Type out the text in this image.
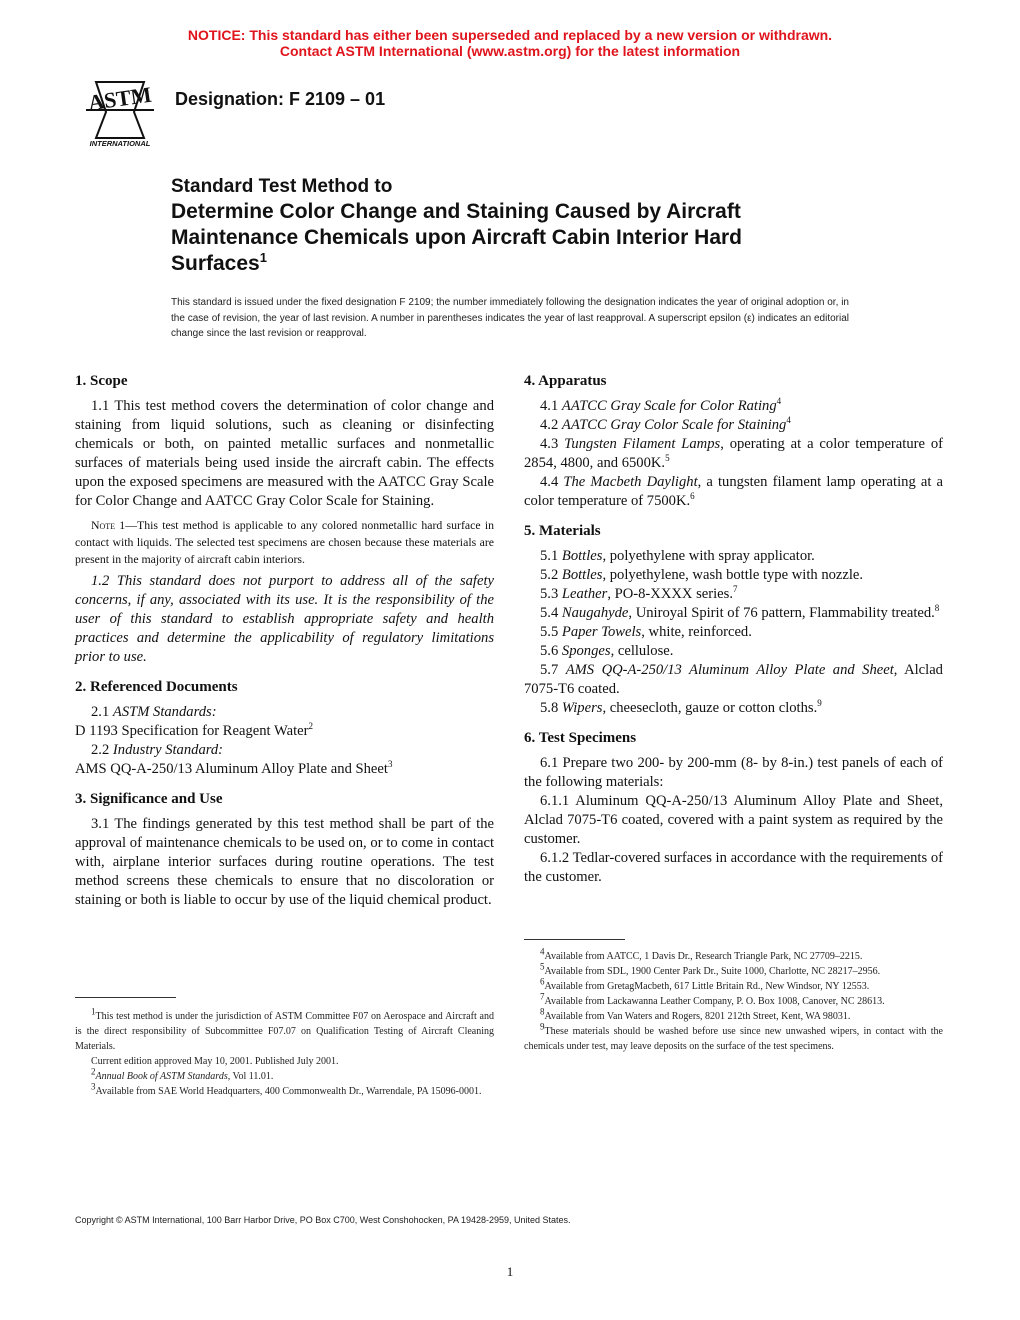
NOTICE: This standard has either been superseded and replaced by a new version or withdrawn.
Contact ASTM International (www.astm.org) for the latest information
ASTM
INTERNATIONAL
Designation: F 2109 – 01
Standard Test Method to
Determine Color Change and Staining Caused by Aircraft
Maintenance Chemicals upon Aircraft Cabin Interior Hard
Surfaces$^1$
This standard is issued under the fixed designation F 2109; the number immediately following the designation indicates the year of original adoption or, in the case of revision, the year of last revision. A number in parentheses indicates the year of last reapproval. A superscript epsilon (ε) indicates an editorial change since the last revision or reapproval.
1. Scope

1.1 This test method covers the determination of color change and staining from liquid solutions, such as cleaning or disinfecting chemicals or both, on painted metallic surfaces and nonmetallic surfaces of materials being used inside the aircraft cabin. The effects upon the exposed specimens are measured with the AATCC Gray Scale for Color Change and AATCC Gray Color Scale for Staining.

Note 1—This test method is applicable to any colored nonmetallic hard surface in contact with liquids. The selected test specimens are chosen because these materials are present in the majority of aircraft cabin interiors.

1.2 This standard does not purport to address all of the safety concerns, if any, associated with its use. It is the responsibility of the user of this standard to establish appropriate safety and health practices and determine the applicability of regulatory limitations prior to use.

2. Referenced Documents

2.1 ASTM Standards:

D 1193 Specification for Reagent Water$^2$

2.2 Industry Standard:

AMS QQ-A-250/13 Aluminum Alloy Plate and Sheet$^3$

3. Significance and Use

3.1 The findings generated by this test method shall be part of the approval of maintenance chemicals to be used on, or to come in contact with, airplane interior surfaces during routine operations. The test method screens these chemicals to ensure that no discoloration or staining or both is liable to occur by use of the liquid chemical product.

$^1$This test method is under the jurisdiction of ASTM Committee F07 on Aerospace and Aircraft and is the direct responsibility of Subcommittee F07.07 on Qualification Testing of Aircraft Cleaning Materials.

Current edition approved May 10, 2001. Published July 2001.

$^2$Annual Book of ASTM Standards, Vol 11.01.

$^3$Available from SAE World Headquarters, 400 Commonwealth Dr., Warrendale, PA 15096-0001.

4. Apparatus

4.1 AATCC Gray Scale for Color Rating$^4$

4.2 AATCC Gray Color Scale for Staining$^4$

4.3 Tungsten Filament Lamps, operating at a color temperature of 2854, 4800, and 6500K.$^5$

4.4 The Macbeth Daylight, a tungsten filament lamp operating at a color temperature of 7500K.$^6$

5. Materials

5.1 Bottles, polyethylene with spray applicator.

5.2 Bottles, polyethylene, wash bottle type with nozzle.

5.3 Leather, PO-8-XXXX series.$^7$

5.4 Naugahyde, Uniroyal Spirit of 76 pattern, Flammability treated.$^8$

5.5 Paper Towels, white, reinforced.

5.6 Sponges, cellulose.

5.7 AMS QQ-A-250/13 Aluminum Alloy Plate and Sheet, Alclad 7075-T6 coated.

5.8 Wipers, cheesecloth, gauze or cotton cloths.$^9$

6. Test Specimens

6.1 Prepare two 200- by 200-mm (8- by 8-in.) test panels of each of the following materials:

6.1.1 Aluminum QQ-A-250/13 Aluminum Alloy Plate and Sheet, Alclad 7075-T6 coated, covered with a paint system as required by the customer.

6.1.2 Tedlar-covered surfaces in accordance with the requirements of the customer.

$^4$Available from AATCC, 1 Davis Dr., Research Triangle Park, NC 27709–2215.

$^5$Available from SDL, 1900 Center Park Dr., Suite 1000, Charlotte, NC 28217–2956.

$^6$Available from GretagMacbeth, 617 Little Britain Rd., New Windsor, NY 12553.

$^7$Available from Lackawanna Leather Company, P. O. Box 1008, Canover, NC 28613.

$^8$Available from Van Waters and Rogers, 8201 212th Street, Kent, WA 98031.

$^9$These materials should be washed before use since new unwashed wipers, in contact with the chemicals under test, may leave deposits on the surface of the test specimens.

Copyright © ASTM International, 100 Barr Harbor Drive, PO Box C700, West Conshohocken, PA 19428-2959, United States.
1
